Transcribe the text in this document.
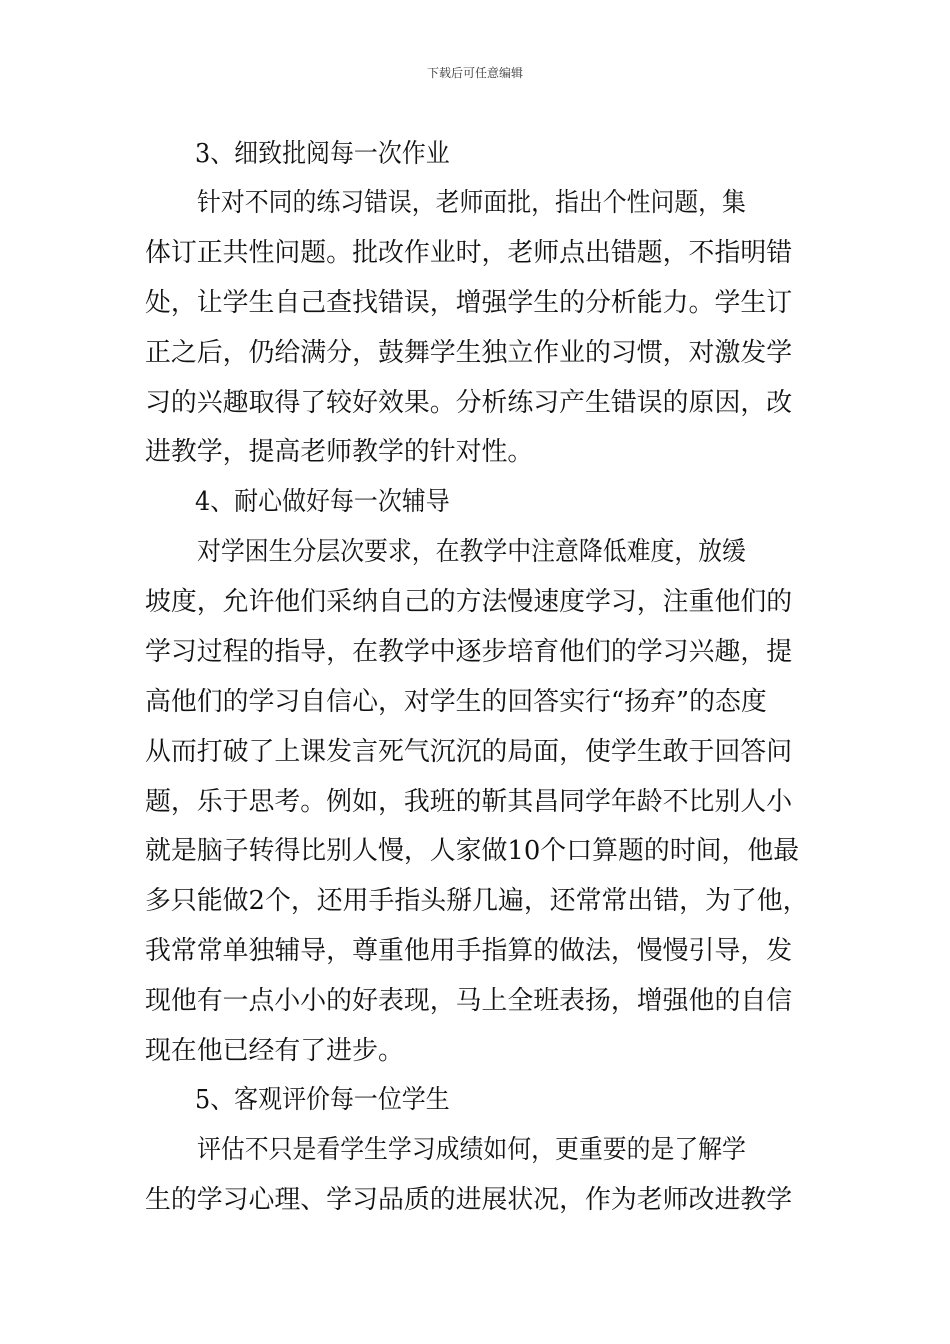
下载后可任意编辑
3、细致批阅每一次作业
针对不同的练习错误，老师面批，指出个性问题，集
体订正共性问题。批改作业时，老师点出错题，不指明错
处，让学生自己查找错误，增强学生的分析能力。学生订
正之后，仍给满分，鼓舞学生独立作业的习惯，对激发学
习的兴趣取得了较好效果。分析练习产生错误的原因，改
进教学，提高老师教学的针对性。
4、耐心做好每一次辅导
对学困生分层次要求，在教学中注意降低难度，放缓
坡度，允许他们采纳自己的方法慢速度学习，注重他们的
学习过程的指导，在教学中逐步培育他们的学习兴趣，提
高他们的学习自信心，对学生的回答实行“扬弃”的态度
从而打破了上课发言死气沉沉的局面，使学生敢于回答问
题，乐于思考。例如，我班的靳其昌同学年龄不比别人小
就是脑子转得比别人慢，人家做10个口算题的时间，他最
多只能做2个，还用手指头掰几遍，还常常出错，为了他，
我常常单独辅导，尊重他用手指算的做法，慢慢引导，发
现他有一点小小的好表现，马上全班表扬，增强他的自信
现在他已经有了进步。
5、客观评价每一位学生
评估不只是看学生学习成绩如何，更重要的是了解学
生的学习心理、学习品质的进展状况，作为老师改进教学
